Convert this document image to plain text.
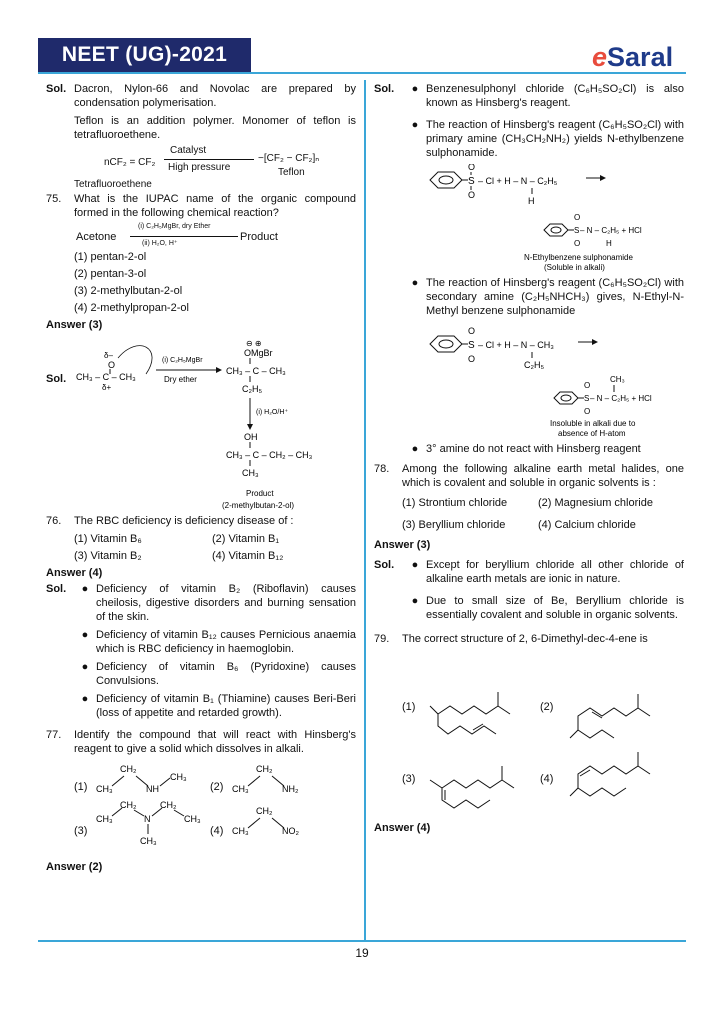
NEET (UG)-2021	eSaral
19
Sol. Dacron, Nylon-66 and Novolac are prepared by condensation polymerisation.
Teflon is an addition polymer. Monomer of teflon is tetrafluoroethene.
nCF₂ = CF₂
Catalyst
High pressure
−[CF₂ − CF₂]ₙ
Teflon
Tetrafluoroethene
75.	What is the IUPAC name of the organic compound formed in the following chemical reaction?
Acetone
(i) C₂H₅MgBr, dry Ether
(ii) H₂O, H⁺
Product
(1) pentan-2-ol
(2) pentan-3-ol
(3) 2-methylbutan-2-ol
(4) 2-methylpropan-2-ol
Answer (3)
Sol. CH₃ – C – CH₃
δ–
O
δ+
(i) C₂H₅MgBr
Dry ether
⊖ ⊕
OMgBr
CH₃ – C – CH₃
C₂H₅
(i) H₂O/H⁺
OH
CH₃ – C – CH₂ – CH₃
CH₃
Product
(2-methylbutan-2-ol)
76.	The RBC deficiency is deficiency disease of :
(1) Vitamin B₆	(2) Vitamin B₁
(3) Vitamin B₂	(4) Vitamin B₁₂
Answer (4)
Sol.	● Deficiency of vitamin B₂ (Riboflavin) causes cheilosis, digestive disorders and burning sensation of the skin.
● Deficiency of vitamin B₁₂ causes Pernicious anaemia which is RBC deficiency in haemoglobin.
● Deficiency of vitamin B₆ (Pyridoxine) causes Convulsions.
● Deficiency of vitamin B₁ (Thiamine) causes Beri-Beri (loss of appetite and retarded growth).
77.	Identify the compound that will react with Hinsberg's reagent to give a solid which dissolves in alkali.
(1) CH₃
CH₂
NH
CH₃
(2) CH₃
CH₂
NH₂
(3)
CH₃
CH₂
N
CH₂
CH₃
CH₃
(4) CH₃
CH₂
NO₂
Answer (2)
Sol.	● Benzenesulphonyl chloride (C₆H₅SO₂Cl) is also known as Hinsberg's reagent.
● The reaction of Hinsberg's reagent (C₆H₅SO₂Cl) with primary amine (CH₃CH₂NH₂) yields N-ethylbenzene sulphonamide.
S
O
O
– Cl + H – N – C₂H₅
H
S
O
O
– N – C₂H₅ + HCl
H
N-Ethylbenzene sulphonamide
(Soluble in alkali)
● The reaction of Hinsberg's reagent (C₆H₅SO₂Cl) with secondary amine (C₂H₅NHCH₃) gives, N-Ethyl-N-Methyl benzene sulphonamide
S
O
O
– Cl + H – N – CH₃
C₂H₅
S
O
O
– N – C₂H₅ + HCl
CH₃
Insoluble in alkali due to
absence of H-atom
● 3° amine do not react with Hinsberg reagent
78.	Among the following alkaline earth metal halides, one which is covalent and soluble in organic solvents is :
(1) Strontium chloride	(2) Magnesium chloride
(3) Beryllium chloride	(4) Calcium chloride
Answer (3)
Sol.	● Except for beryllium chloride all other chloride of alkaline earth metals are ionic in nature.
● Due to small size of Be, Beryllium chloride is essentially covalent and soluble in organic solvents.
79.	The correct structure of 2, 6-Dimethyl-dec-4-ene is
(1)	(2)
(3)	(4)
Answer (4)
